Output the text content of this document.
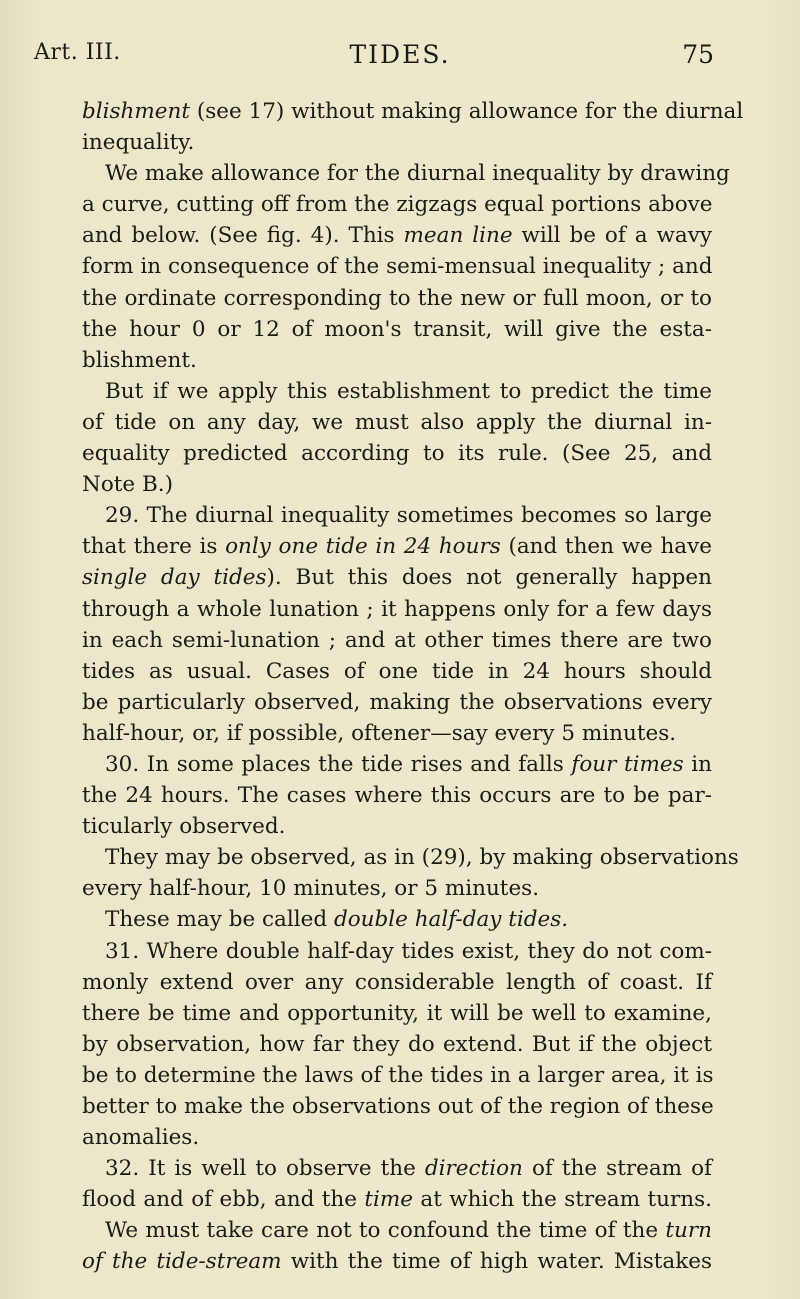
Art. III.	TIDES.	75
blishment (see 17) without making allowance for the diurnal
inequality.
We make allowance for the diurnal inequality by drawing
a curve, cutting off from the zigzags equal portions above
and below. (See fig. 4). This mean line will be of a wavy
form in consequence of the semi-mensual inequality ; and
the ordinate corresponding to the new or full moon, or to
the hour 0 or 12 of moon's transit, will give the esta-
blishment.
But if we apply this establishment to predict the time
of tide on any day, we must also apply the diurnal in-
equality predicted according to its rule. (See 25, and
Note B.)
29. The diurnal inequality sometimes becomes so large
that there is only one tide in 24 hours (and then we have
single day tides). But this does not generally happen
through a whole lunation ; it happens only for a few days
in each semi-lunation ; and at other times there are two
tides as usual. Cases of one tide in 24 hours should
be particularly observed, making the observations every
half-hour, or, if possible, oftener—say every 5 minutes.
30. In some places the tide rises and falls four times in
the 24 hours. The cases where this occurs are to be par-
ticularly observed.
They may be observed, as in (29), by making observations
every half-hour, 10 minutes, or 5 minutes.
These may be called double half-day tides.
31. Where double half-day tides exist, they do not com-
monly extend over any considerable length of coast. If
there be time and opportunity, it will be well to examine,
by observation, how far they do extend. But if the object
be to determine the laws of the tides in a larger area, it is
better to make the observations out of the region of these
anomalies.
32. It is well to observe the direction of the stream of
flood and of ebb, and the time at which the stream turns.
We must take care not to confound the time of the turn
of the tide-stream with the time of high water. Mistakes
